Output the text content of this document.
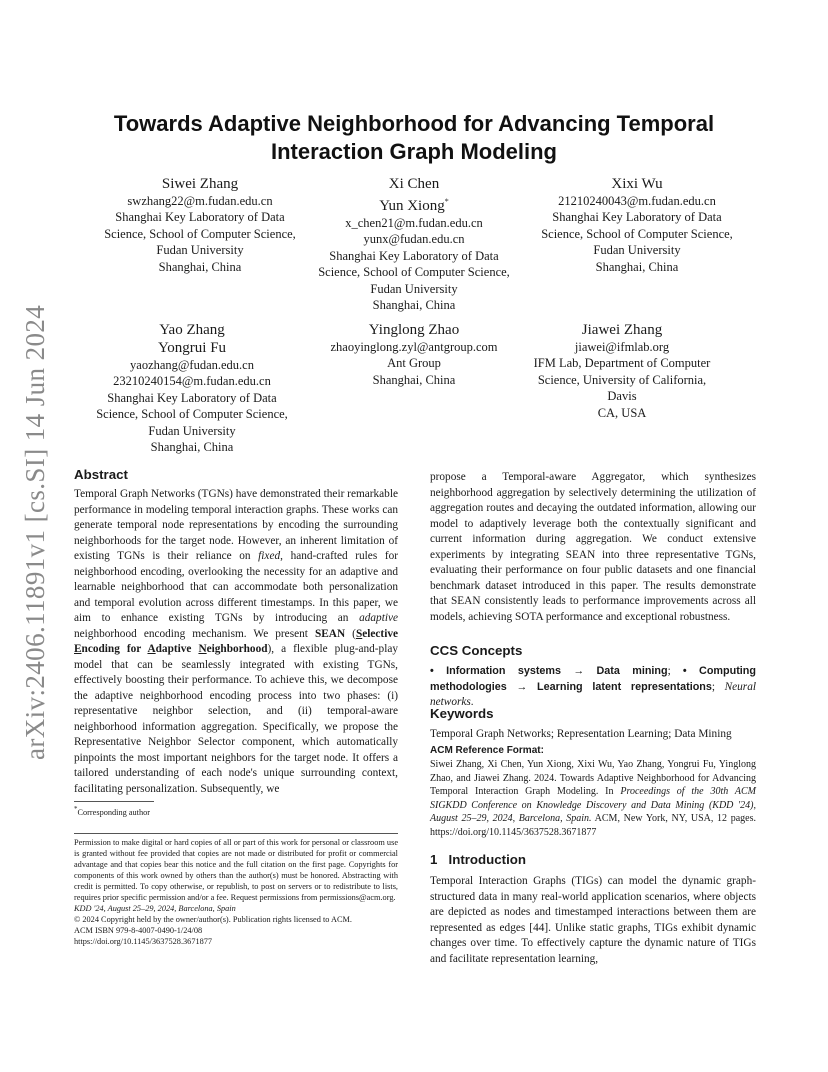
arXiv:2406.11891v1 [cs.SI] 14 Jun 2024
Towards Adaptive Neighborhood for Advancing Temporal
Interaction Graph Modeling
Siwei Zhang
swzhang22@m.fudan.edu.cn
Shanghai Key Laboratory of Data
Science, School of Computer Science,
Fudan University
Shanghai, China
Xi Chen
Yun Xiong*
x_chen21@m.fudan.edu.cn
yunx@fudan.edu.cn
Shanghai Key Laboratory of Data
Science, School of Computer Science,
Fudan University
Shanghai, China
Xixi Wu
21210240043@m.fudan.edu.cn
Shanghai Key Laboratory of Data
Science, School of Computer Science,
Fudan University
Shanghai, China
Yao Zhang
Yongrui Fu
yaozhang@fudan.edu.cn
23210240154@m.fudan.edu.cn
Shanghai Key Laboratory of Data
Science, School of Computer Science,
Fudan University
Shanghai, China
Yinglong Zhao
zhaoyinglong.zyl@antgroup.com
Ant Group
Shanghai, China
Jiawei Zhang
jiawei@ifmlab.org
IFM Lab, Department of Computer
Science, University of California,
Davis
CA, USA

Abstract

Temporal Graph Networks (TGNs) have demonstrated their remarkable performance in modeling temporal interaction graphs. These works can generate temporal node representations by encoding the surrounding neighborhoods for the target node. However, an inherent limitation of existing TGNs is their reliance on fixed, hand-crafted rules for neighborhood encoding, overlooking the necessity for an adaptive and learnable neighborhood that can accommodate both personalization and temporal evolution across different timestamps. In this paper, we aim to enhance existing TGNs by introducing an adaptive neighborhood encoding mechanism. We present SEAN (Selective Encoding for Adaptive Neighborhood), a flexible plug-and-play model that can be seamlessly integrated with existing TGNs, effectively boosting their performance. To achieve this, we decompose the adaptive neighborhood encoding process into two phases: (i) representative neighbor selection, and (ii) temporal-aware neighborhood information aggregation. Specifically, we propose the Representative Neighbor Selector component, which automatically pinpoints the most important neighbors for the target node. It offers a tailored understanding of each node's unique surrounding context, facilitating personalization. Subsequently, we

*Corresponding author
Permission to make digital or hard copies of all or part of this work for personal or classroom use is granted without fee provided that copies are not made or distributed for profit or commercial advantage and that copies bear this notice and the full citation on the first page. Copyrights for components of this work owned by others than the author(s) must be honored. Abstracting with credit is permitted. To copy otherwise, or republish, to post on servers or to redistribute to lists, requires prior specific permission and/or a fee. Request permissions from permissions@acm.org.
KDD '24, August 25–29, 2024, Barcelona, Spain
© 2024 Copyright held by the owner/author(s). Publication rights licensed to ACM.
ACM ISBN 979-8-4007-0490-1/24/08
https://doi.org/10.1145/3637528.3671877

propose a Temporal-aware Aggregator, which synthesizes neighborhood aggregation by selectively determining the utilization of aggregation routes and decaying the outdated information, allowing our model to adaptively leverage both the contextually significant and current information during aggregation. We conduct extensive experiments by integrating SEAN into three representative TGNs, evaluating their performance on four public datasets and one financial benchmark dataset introduced in this paper. The results demonstrate that SEAN consistently leads to performance improvements across all models, achieving SOTA performance and exceptional robustness.

CCS Concepts

• Information systems → Data mining; • Computing methodologies → Learning latent representations; Neural networks.

Keywords

Temporal Graph Networks; Representation Learning; Data Mining

ACM Reference Format:

Siwei Zhang, Xi Chen, Yun Xiong, Xixi Wu, Yao Zhang, Yongrui Fu, Yinglong Zhao, and Jiawei Zhang. 2024. Towards Adaptive Neighborhood for Advancing Temporal Interaction Graph Modeling. In Proceedings of the 30th ACM SIGKDD Conference on Knowledge Discovery and Data Mining (KDD '24), August 25–29, 2024, Barcelona, Spain. ACM, New York, NY, USA, 12 pages. https://doi.org/10.1145/3637528.3671877

1 Introduction

Temporal Interaction Graphs (TIGs) can model the dynamic graph-structured data in many real-world application scenarios, where objects are depicted as nodes and timestamped interactions between them are represented as edges [44]. Unlike static graphs, TIGs exhibit dynamic changes over time. To effectively capture the dynamic nature of TIGs and facilitate representation learning,
